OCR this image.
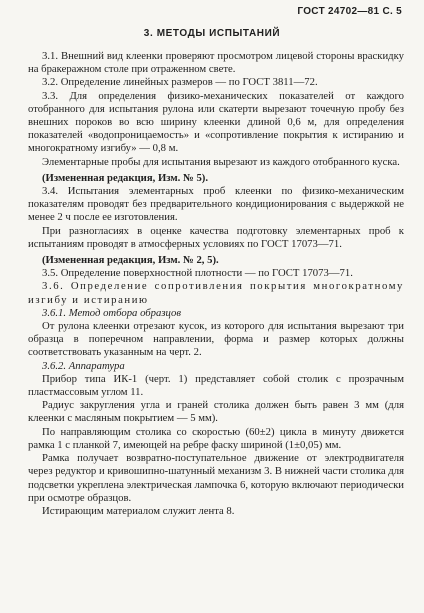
ГОСТ 24702—81 С. 5
3. МЕТОДЫ ИСПЫТАНИЙ

3.1. Внешний вид клеенки проверяют просмотром лицевой стороны враскидку на бракеражном столе при отраженном свете.

3.2. Определение линейных размеров — по ГОСТ 3811—72.

3.3. Для определения физико-механических показателей от каждого отобранного для испытания рулона или скатерти вырезают точечную пробу без внешних пороков во всю ширину клеенки длиной 0,6 м, для определения показателей «водопроницаемость» и «сопротивление покрытия к истиранию и многократному изгибу» — 0,8 м.

Элементарные пробы для испытания вырезают из каждого отобранного куска.

(Измененная редакция, Изм. № 5).

3.4. Испытания элементарных проб клеенки по физико-механическим показателям проводят без предварительного кондиционирования с выдержкой не менее 2 ч после ее изготовления.

При разногласиях в оценке качества подготовку элементарных проб к испытаниям проводят в атмосферных условиях по ГОСТ 17073—71.

(Измененная редакция, Изм. № 2, 5).

3.5. Определение поверхностной плотности — по ГОСТ 17073—71.

3.6. Определение сопротивления покрытия многократному изгибу и истиранию

3.6.1. Метод отбора образцов

От рулона клеенки отрезают кусок, из которого для испытания вырезают три образца в поперечном направлении, форма и размер которых должны соответствовать указанным на черт. 2.

3.6.2. Аппаратура

Прибор типа ИК-1 (черт. 1) представляет собой столик с прозрачным пластмассовым углом 11.

Радиус закругления угла и граней столика должен быть равен 3 мм (для клеенки с масляным покрытием — 5 мм).

По направляющим столика со скоростью (60±2) цикла в минуту движется рамка 1 с планкой 7, имеющей на ребре фаску шириной (1±0,05) мм.

Рамка получает возвратно-поступательное движение от электродвигателя через редуктор и кривошипно-шатунный механизм 3. В нижней части столика для подсветки укреплена электрическая лампочка 6, которую включают периодически при осмотре образцов.

Истирающим материалом служит лента 8.
